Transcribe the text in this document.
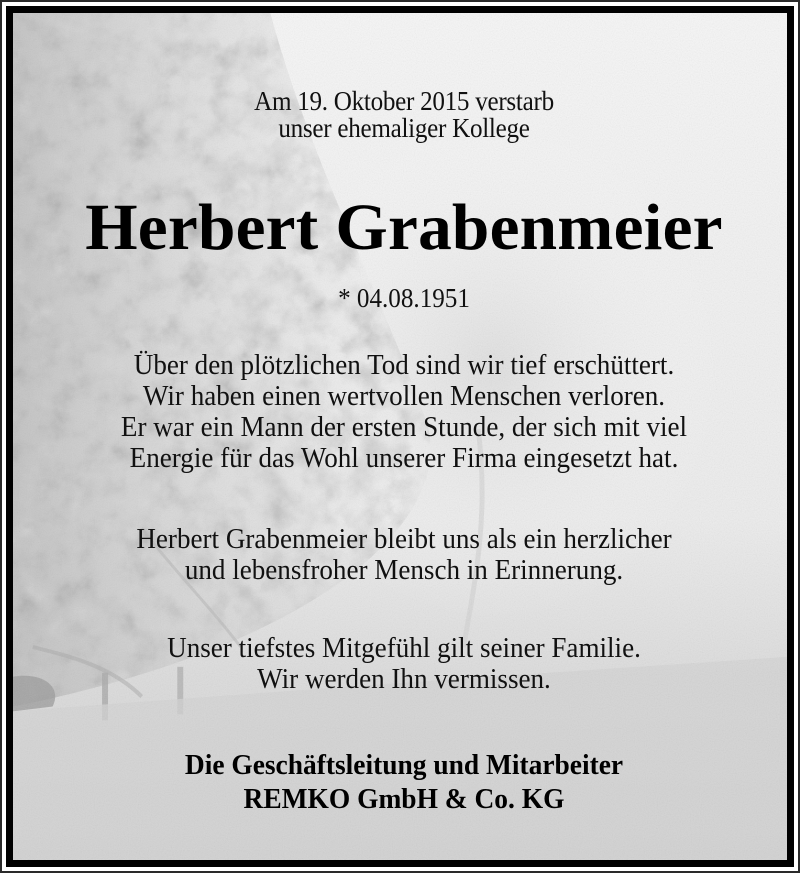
Am 19. Oktober 2015 verstarb
unser ehemaliger Kollege
Herbert Grabenmeier
* 04.08.1951
Über den plötzlichen Tod sind wir tief erschüttert.
Wir haben einen wertvollen Menschen verloren.
Er war ein Mann der ersten Stunde, der sich mit viel
Energie für das Wohl unserer Firma eingesetzt hat.
Herbert Grabenmeier bleibt uns als ein herzlicher
und lebensfroher Mensch in Erinnerung.
Unser tiefstes Mitgefühl gilt seiner Familie.
Wir werden Ihn vermissen.
Die Geschäftsleitung und Mitarbeiter
REMKO GmbH & Co. KG
